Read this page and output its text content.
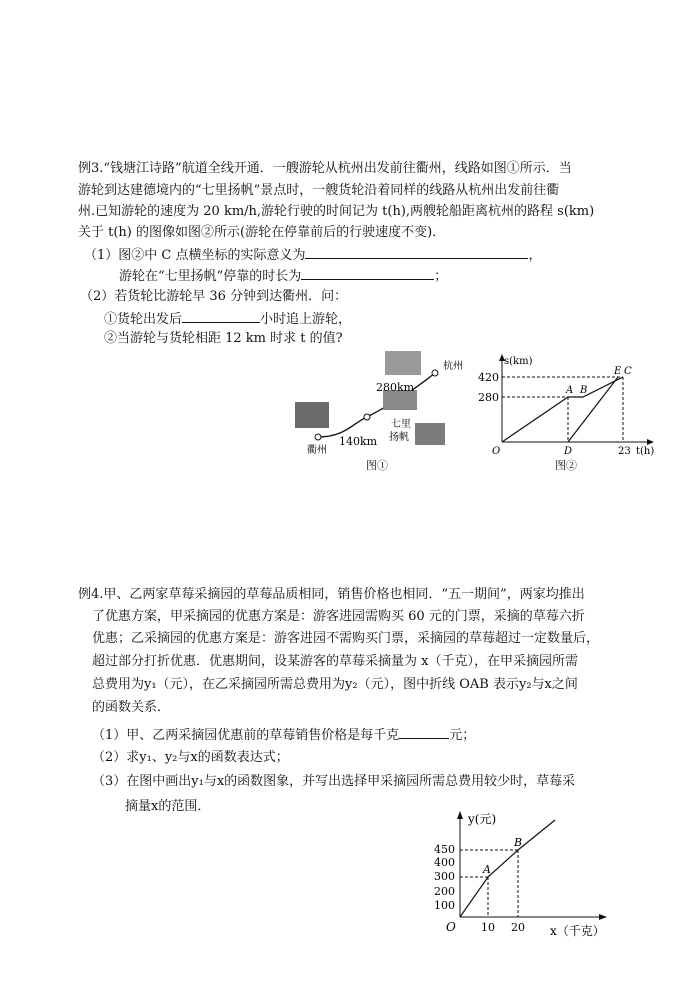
例3.“钱塘江诗路”航道全线开通．一艘游轮从杭州出发前往衢州，线路如图①所示．当
游轮到达建德境内的“七里扬帆”景点时，一艘货轮沿着同样的线路从杭州出发前往衢
州.已知游轮的速度为 20 km/h,游轮行驶的时间记为 t(h),两艘轮船距离杭州的路程 s(km)
关于 t(h) 的图像如图②所示(游轮在停靠前后的行驶速度不变)．
（1）图②中 C 点横坐标的实际意义为	，
游轮在“七里扬帆”停靠的时长为	；
（2）若货轮比游轮早 36 分钟到达衢州．问：
①货轮出发后	小时追上游轮，
②当游轮与货轮相距 12 km 时求 t 的值?
杭州
280km
七里
扬帆
140km
衢州
图①
s(km)
420
280
A B
E C
D
O	23 t(h)
图②
例4.甲、乙两家草莓采摘园的草莓品质相同，销售价格也相同．“五一期间”，两家均推出
了优惠方案，甲采摘园的优惠方案是：游客进园需购买 60 元的门票，采摘的草莓六折
优惠；乙采摘园的优惠方案是：游客进园不需购买门票，采摘园的草莓超过一定数量后，
超过部分打折优惠．优惠期间，设某游客的草莓采摘量为 x（千克），在甲采摘园所需
总费用为y₁（元），在乙采摘园所需总费用为y₂（元），图中折线 OAB 表示y₂与x之间
的函数关系．
（1）甲、乙两采摘园优惠前的草莓销售价格是每千克	元；
（2）求y₁、y₂与x的函数表达式；
（3）在图中画出y₁与x的函数图象，并写出选择甲采摘园所需总费用较少时，草莓采
摘量x的范围．
y(元)
450
400
300
200
100
A
B
O 10 20 x（千克）
